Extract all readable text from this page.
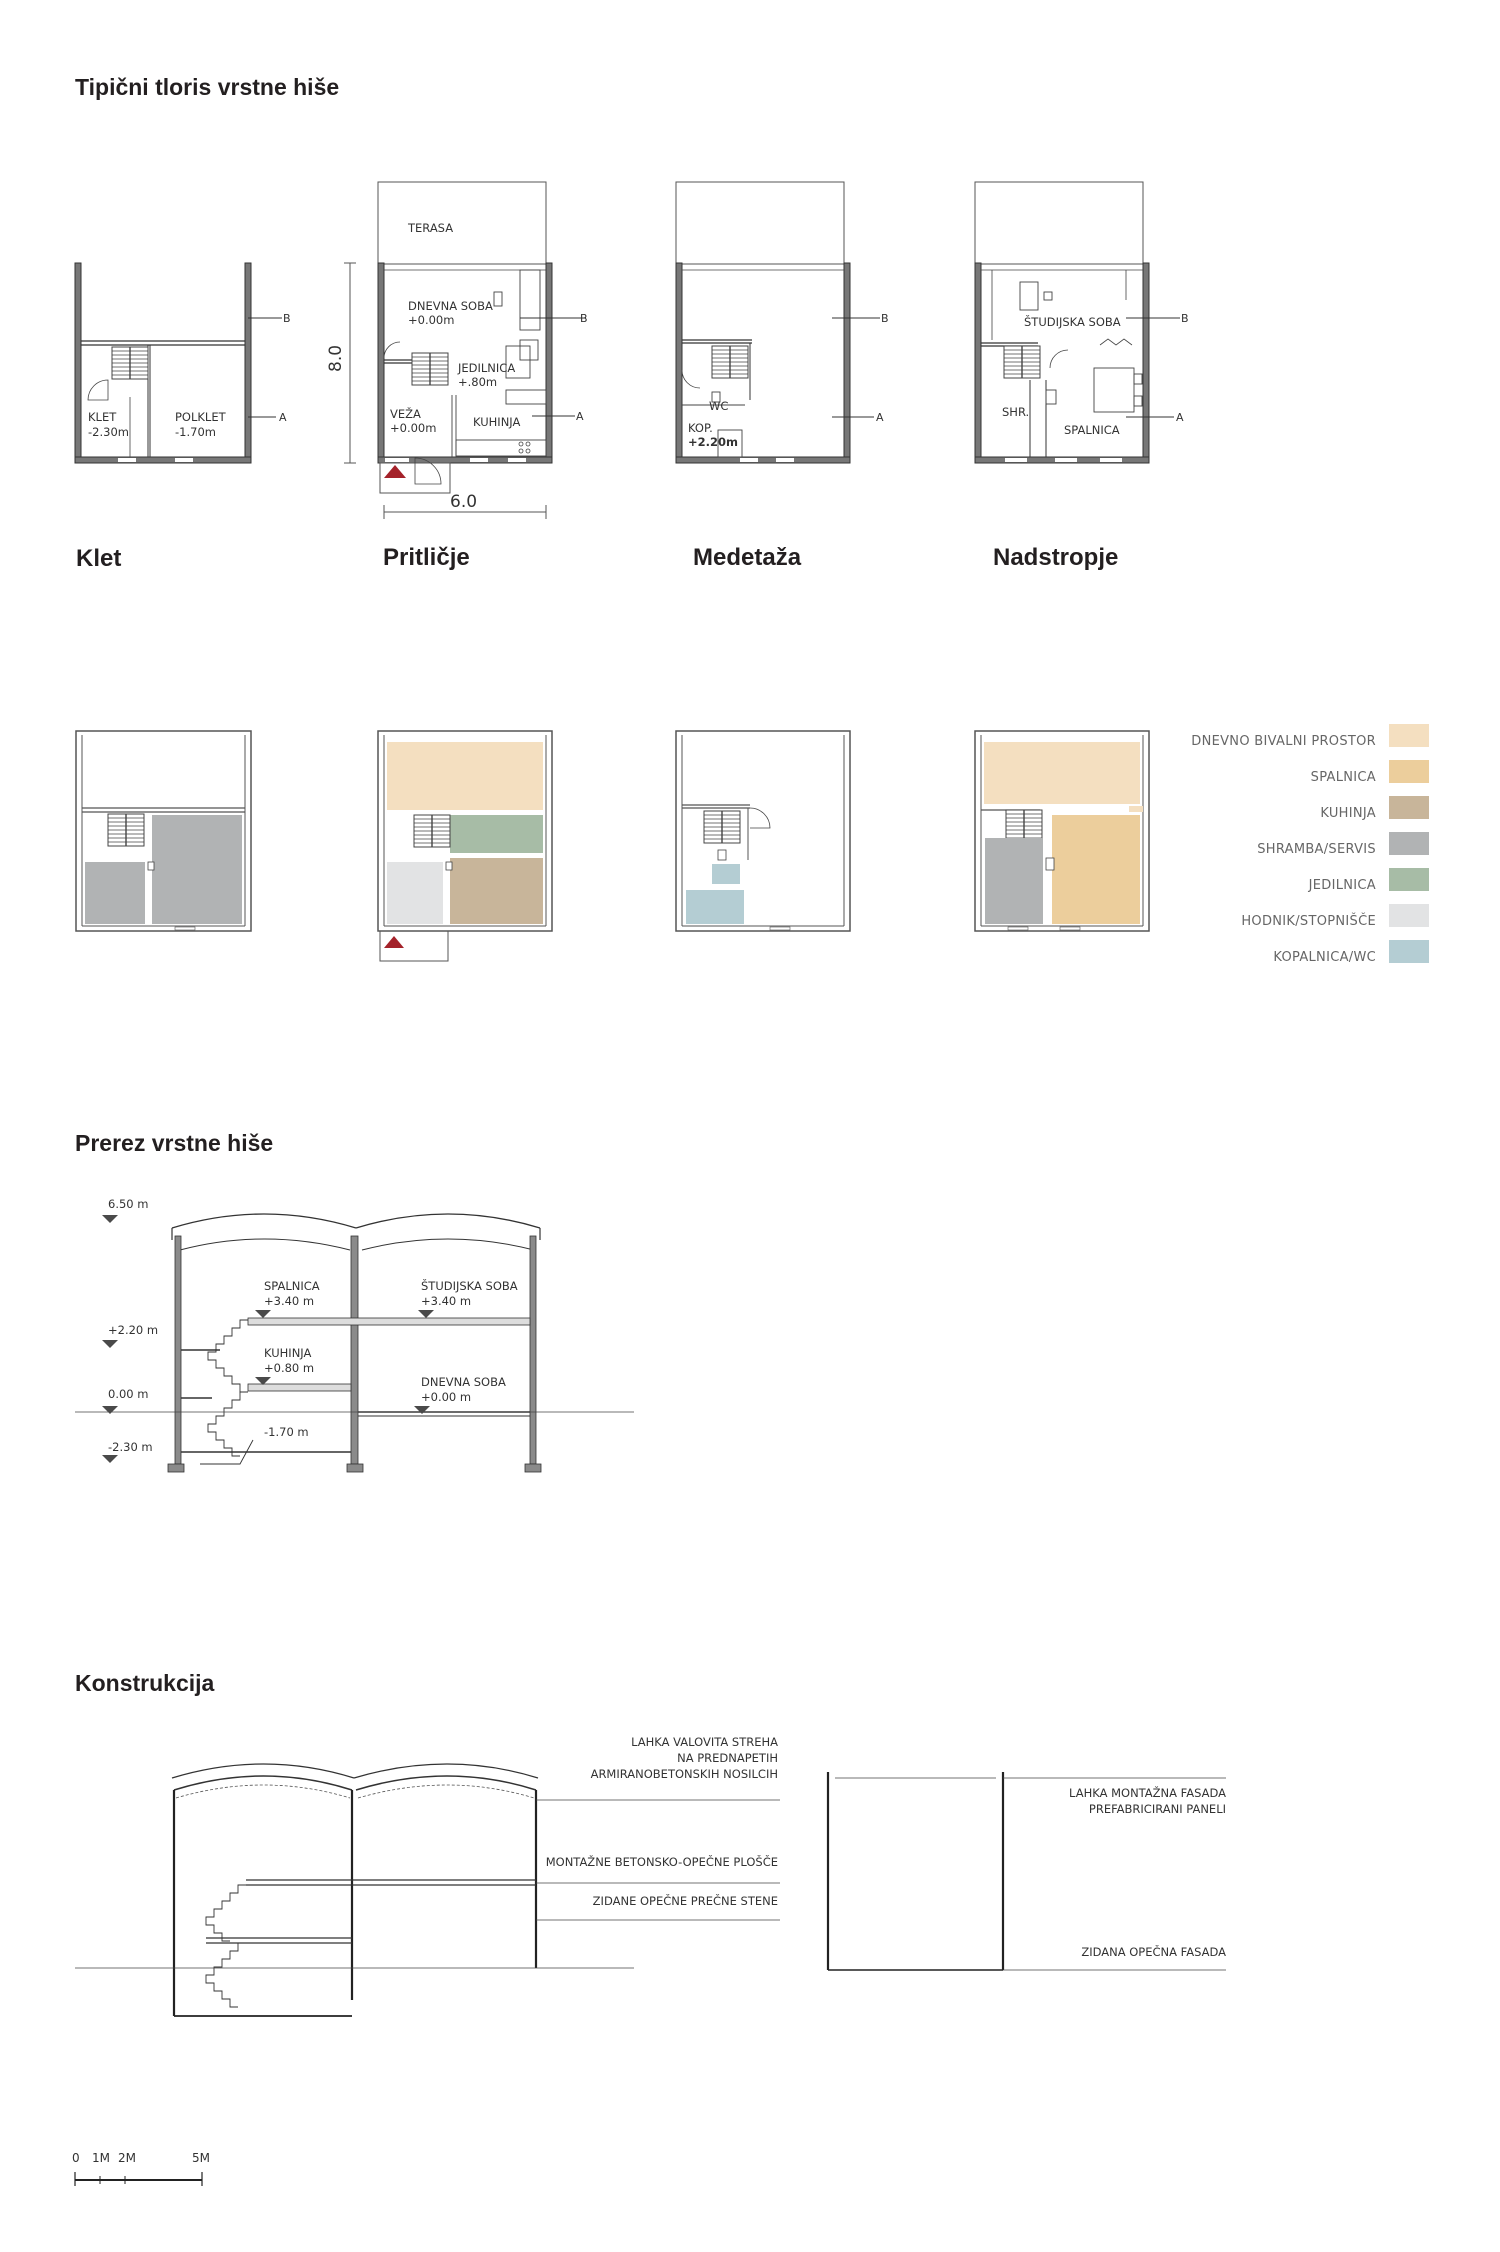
Tipični tloris vrstne hiše
Prerez vrstne hiše
Konstrukcija
Klet	Pritličje	Medetaža	Nadstropje
KLET
-2.30m
POLKLET
-1.70m
B
A
8.0
6.0
TERASA
DNEVNA SOBA
+0.00m
JEDILNICA
+.80m
VEŽA
+0.00m	KUHINJA
B
A
WC
KOP.
+2.20m
B
A
ŠTUDIJSKA SOBA
SHR.
SPALNICA
B
A
DNEVNO BIVALNI PROSTOR
SPALNICA
KUHINJA
SHRAMBA/SERVIS
JEDILNICA
HODNIK/STOPNIŠČE
KOPALNICA/WC
6.50 m
+2.20 m
0.00 m
-2.30 m
SPALNICA
+3.40 m
ŠTUDIJSKA SOBA
+3.40 m
KUHINJA
+0.80 m
DNEVNA SOBA
+0.00 m
-1.70 m
LAHKA VALOVITA STREHA
NA PREDNAPETIH
ARMIRANOBETONSKIH NOSILCIH
MONTAŽNE BETONSKO-OPEČNE PLOŠČE
ZIDANE OPEČNE PREČNE STENE
LAHKA MONTAŽNA FASADA
PREFABRICIRANI PANELI
ZIDANA OPEČNA FASADA
0 1M 2M	5M
